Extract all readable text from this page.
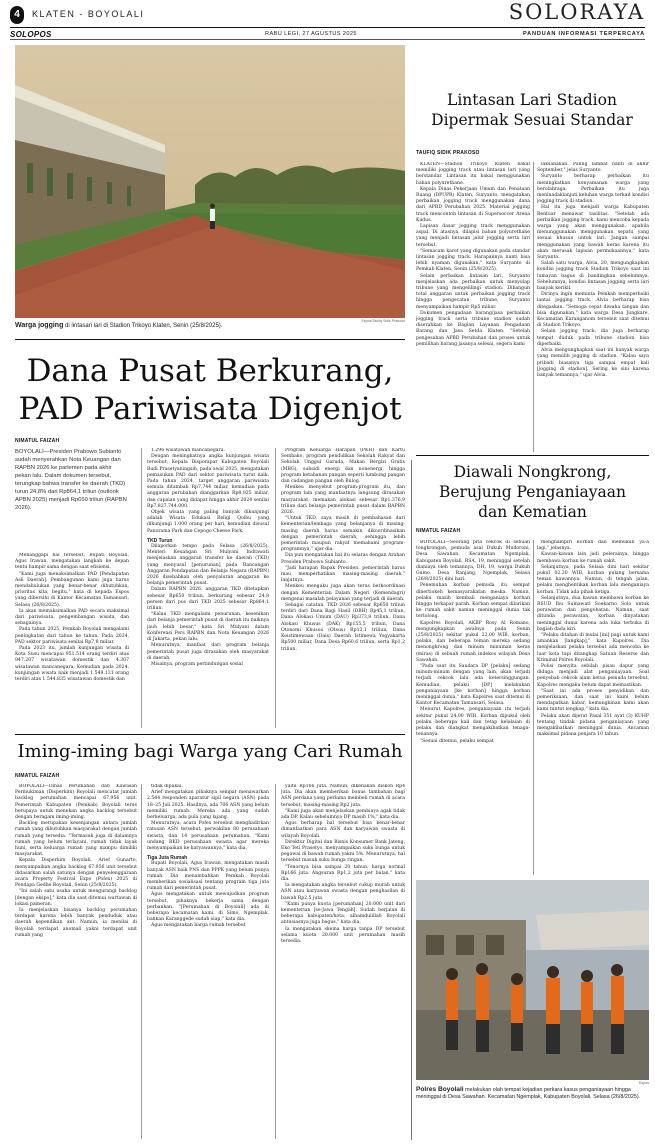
4	KLATEN - BOYOLALI	SOLORAYA
SOLOPOS	RABU LEGI, 27 AGUSTUS 2025	PANDUAN INFORMASI TERPERCAYA
Espos/Taufiq Sidik Prakoso
Warga jogging di lintasan lari di Stadion Trikoyo Klaten, Senin (25/8/2025).
Lintasan Lari Stadion Dipermak Sesuai Standar
TAUFIQ SIDIK PRAKOSO

KLATEN—Stadion Trikoyo Klaten bakal memiliki jogging track atau lintasan lari yang berstandar. Lintasan itu bakal menggunakan bahan polyurethane.

Kepala Dinas Pekerjaan Umum dan Penataan Ruang (DPUPR) Klaten, Suryanto, mengatakan perbaikan jogging track menggunakan dana dari APBD Perubahan 2025. Material jogging track mencontoh lintasan di Supersoccer Arena Kudus.

Lapisan dasar jogging track menggunakan aspal. Di atasnya, dilapisi bahan polyurethane yang menjadi lintasan jalur jogging serta lari tersebut.

"Semacam karet yang digunakan pada standar lintasan jogging track. Harapannya nanti bisa lebih nyaman digunakan," kata Suryanto di Pemkab Klaten, Senin (25/8/2025).

Selain perbaikan lintasan lari, Suryanto menjelaskan ada perbaikan untuk menyulap tribune yang mengelilingi stadion. Dibangun total anggaran untuk perbaikan jogging track hingga pengecatan tribune, Suryanto menyampaikan hampir Rp5 miliar.

Dokumen pengadaan barang/jasa perbaikan jogging track serta tribune stadion sudah diserahkan ke Bagian Layanan Pengadaan Barang dan Jasa Setda Klaten. "Setelah pengesahan APBD Perubahan dan proses untuk pemilihan barang jasanya selesai, segera kami

laksanakan. Paling lambat nanti di akhir September," jelas Suryanto.

Suryanto berharap perbaikan itu meningkatkan kenyamanan warga yang berolahraga. Perbaikan itu juga meninadaklanjuti keluhan warga terkait kondisi jogging track di stadion.

Hal itu juga menjadi warga Kabupaten Bentuar menawar tasilitas. "Setelah ada perbaikan jogging track, kami mencoba kepada warga yang akan menggunakan, apabila menunggunakan menggunakan sepatu yang sesuai khusus untuk lari. Jangan sampai menggunakan yang bawah keras karena itu akan merusak lapisan permukaannya," kata Suryanto.

Salah satu warga, Alvia, 20, mengungkapkan kondisi jogging track Stadion Trikoyo saat ini lumayan bagus di bandingkan sebelumnya. Sebelumnya, kondisi lintasan jogging serta lari banyak kerikil.

Dirinya ingin meminta Pemkab memperbaiki lantai jogging track. Alvia berharap bisa ditegaskan. "Semoga cepat diwaha tangan dan bisa digunakan," kata warga Desa Jungkare, Kecamatan Karanganom tersebut saat ditemui di Stadion Trikoyo.

Selain jogging track, dia juga berharap tempat duduk pada tribune stadion bisa diperbaiki.

Alvia mengungkapkan saat ini banyak warga yang memilih jogging di stadion. "Kalau saya pribadi biasanya tiga sampai empat kali [jogging di stadion]. Sering ke sini karena banyak temannya," ujar Alvia.

Dana Pusat Berkurang,
PAD Pariwisata Digenjot
NIMATUL FAIZAH
BOYOLALI—Presiden Prabowo Subianto sudah menyerahkan Nota Keuangan dan RAPBN 2026 ke parlemen pada akhir pekan lalu. Dalam dokumen tersebut, terungkap bahwa transfer ke daerah (TKD) turun 24,8% dari Rp864,1 triliun (outlook APBN 2025) menjadi Rp650 triliun (RAPBN 2026).

Menanggapi hal tersebut, Bupati Boyolali, Agus Irawan, mengatakan langkah ke depan tentu hampir sama dengan saat efisiensi.

"Kami juga menaksimalkan PAD [Pendapatan Asli Daerah]. Pembangunan kami juga harus mendahulukan yang benar-benar dibutuhkan, prioritas kita, begitu," kata di kepada Espos yang dibersihi di Kantor Kecamatan Tamansari, Selasa (26/8/2025).

Ia akan memaksimalkan PAD secara maksimal dari pariwisata, pengembangan wisata, dan sebagainya.

Pada tahun 2025, Pemkab Boyolali mengalami peningkatan dari tahun ke tahun. Pada 2024, PAD sektor pariwisata senilai Rp7,8 miliar.

Pada 2023 itu, jumlah kunjungan wisata di Kota Susu mencapai 951.514 orang terdiri atas 947.207 wisatawan domestik dan 4.307 wisatawan mancanegara. Kemudian pada 2024, kunjungan wisata naik menjadi 1.549.131 orang terdiri atas 1.544.835 wisatawan domestik dan

1.296 wisatawan mancanegara.

Dengan meningkatnya angka kunjungan wisata tersebut, Kepala Disporapar Kabupaten Boyolali Budi Prasetyaningsih, pada awal 2025, mengatakan pemasukan PAD dari sektor pariwisata turut naik. Pada tahun 2024, target anggaran pariwisata semula ditambah Rp7,744 miliar, kemudian pada anggaran perubahan dianggarkan Rp8,925 miliar, dan capaian yang didapat hingga akhir 2024 senilai Rp7.827.744.000.

Objek wisata yang paling banyak dikunjungi adalah Wisata Edukasi Religi Qolbu yang dikunjungi 1.000 orang per hari, kemudian disusul Panorama Park dan Cepogo Cheese Park.

TKD Turun

Dilaporkan tempo pada Selasa (26/8/2025), Menteri Keuangan Sri Mulyani Indrawati menjelaskan anggaran transfer ke daerah (TKD) yang menyusul [penurunan] pada Rancangan Anggaran Pendapatan dan Belanja Negara (RAPBN) 2026 disebabkan oleh penyaluran anggaran ke belanja pemerintah pusat.

Dalam RAPBN 2026, anggaran TKD ditetapkan sebesar Rp650 triliun, berkurang sebesar 24,8 persen dari pos dari TKD 2025 sebesar Rp864,1 triliun.

"Kalau TKD mengalami penurunan, kesenikan dari belanja pemerintah pusat di daerah itu naiknya jauh lebih besar," kata Sri Mulyani dalam Konferensi Pers RAPBN dan Nota Keuangan 2026 di Jakarta, pekan lalu.

Menurutnya, manfaat dari program belanja pemerintah pusat juga dirasakan oleh masyarakat di daerah.

Misalnya, program pertindungan sosial

Program Keluarga Harapan (PKH) dan Kartu Sembako, program pendidikan Sekolah Rakyat dan Sekolah Unggul Garuda, Makan Bergizi Gratis (MBG), subsidi energi dan nonenergi, hingga program ketahanan pangan seperti lumbung pangan dan cadangan pangan oleh Bulog.

Menkeu menyebut program-program itu, dan program lain yang manfaatnya langsung dirasakan masyarakat, memakan alokasi sebesar Rp1.376,9 triliun dari belanja pemerintah pusat dalam RAPBN 2026.

"Untuk TKD, saya masih di pembahasan dari kementerian/lembaga yang belanjanya di masing-masing daerah harus semakin dikoordinasikan dengan pemerintah daerah, sehingga lebih pemerintah maupun rakyat memahami program-programnya," ujar dia.

Dia pun mengatakan hal itu selaras dengan Arahan Presiden Prabowo Subianto.

"Jadi harapan Bapak Presiden, pemerintah harus mau memperhatikan masing-masing daerah," lanjutnya.

Menkeu mengaku juga akan terus berkoordinasi dengan Kementerian Dalam Negeri (Kemendagri) mengenai masalah pelayanan yang terjadi di daerah.

Sebagai catatan, TKD 2026 sebesar Rp650 triliun terdiri dari Dana Bagi Hasil (DBH) Rp45,1 triliun, Dana Alokasi Umum (DAU) Rp373,8 triliun, Dana Alokasi Khusus (DAK) Rp155,5 triliun, Dana Otonomi Khusus (Otsus) Rp13,1 triliun, Dana Keistimewaan (Dais) Daerah Istimewa Yogyakarta Rp500 miliar, Dana Desa Rp60,6 triliun, serta Rp1,2 triliun.

Iming-iming bagi Warga yang Cari Rumah
NIMATUL FAIZAH

BOYOLALI—Dinas Perumahan dan Kawasan Permukiman (Disperkim) Boyolali mencatat jumlah backlog perumahan mencapai 67.956 unit. Pemerintah Kabupaten (Pemkab) Boyolali terus berupaya untuk menekan angka backlog tersebut dengan beragam iming-iming.

Backlog merupakan kesenjangan antara jumlah rumah yang dibutuhkan masyarakat dengan jumlah rumah yang tersedia. "Termasuk juga di dalamnya rumah yang belum terlayani, rumah tidak layak huni, serta keluarga rumah yang mampu dimiliki masyarakat.

Kepala Disperkim Boyolali, Arief Gunarto, menyampaikan angka backlog 67.956 unit tersebut didasarkan salah satunya dengan penyelenggaraan acara Property Festival Expo (Pofex) 2025 di Pendapa Gedhe Boyolali, Senin (25/8/2025).

"Ini salah satu usaha untuk mengurangi backlog [dengan ekspo]," kata dia saat ditemui wartawan di lokasi pameran.

Ia menjelaskan bisanya backlog perumahan terdapat karena lebih banyak penduduk atau daerah kependikan ant. Namun, ia menilai di Boyolali terdapat anomali yakni terdapat unit rumah yang

tidak dipakai.

Arief mengatakan pihaknya sempat menawarkan 2.544 responden aparatur sipil negara (ASN) pada 18–25 Juli 2025. Hasilnya, ada 706 ASN yang belum memiliki rumah. Mereka ada yang sudah berkeluarga, ada pula yang lajang.

Menurutnya, acara Pofex tersebut menghadirkan ratusan ASN tersebut, perwakilan 80 perusahaan swasta, dan 14 perusahaan perumahan. "Kami undang BKD perusahaan swasta agar mereka menyampaikan ke karyawannya," kata dia.

Tiga Juta Rumah

Bupati Boyolali, Agus Irawan, mengatakan masih banyak ASN baik PNS dan PPPK yang belum punya rumah. Dia menambahkan Pemkab Boyolali memberikan sosialisasi tentang program tiga juta rumah dari pemerintah pusat.

Agus mengatakan untuk mewujudkan program tersebut, pihaknya bekerja sama dengan perbankan. "[Perumahan di Boyolali] ada di beberapa kecamatan kami, di Simo, Ngemplak, bahkan Karanggede sudah siap," kata dia.

Agus mengatakan harga rumah tersebut

yaitu Rp166 juta. Namun, dikenakan diskon Rp4 juta. Dia akan memberikan bonus tambahan bagi ASN perdana yang perlama membeli rumah di acara tersebut, masing-masing Rp2 juta.

"Kami juga akan menjelaskan pembiaya agak tidak ada DP. Kalau sebelumnya DP masih 1%," kata dia.

Agus berharap hal tersebut bisa benar-benar dimanfaatkan para ASN dan karyawan swasta di wilayah Boyolali.

Direktur Digital dan Bisnis Konsumer Bank Jateng, Eko Teti Prasetyo, menyampaikan suku bunga untuk pegawai di bawah rumah yakni 5%. Menurutnya, hal tersebut masuk suku bunga ringan.

"Tenornya bisa sampai 20 tahun, harga normal Rp166 juta. Angsuran Rp1,2 juta per bulan," kata dia.

Ia mengatakan angka tersebut cukup murah untuk ASN atau karyawan swasta dengan penghasilan di bawah Rp2,5 juta.

"Kami punya kuota [perumahan] 20.000 unit dari kementerian [se-Jawa Tengah]. Sudah berjalan di beberapa kabupaten/kota, alhamdulillah Boyolali antusiasnya juga bagus," kata dia.

Ia mengatakan skema harga tanpa DP tersebut selama kuota 20.000 unit perumahan masih tersedia.

Diawali Nongkrong,
Berujung Penganiayaan
dan Kematian
NIMATUL FAIZAH

BOYOLALI—Seorang pria cekcok di sebuah tongkrongan, pemuda asal Dukuh Mudoroni, Desa Sawahan, Kecamatan Ngemplak, Kabupaten Boyolali, RSA, 19, meninggal setelah dianiaya oleh temannya, DH, 19, warga Dukuh Gumo, Desa Ranjang, Ngemplak, Selasa (26/8/2025) dini hari.

Penemuhan korban pemuda itu sempat dinertiokeh kemasyarakatan meska. Namun, pelaku masih kembali menganiaya korban hingga terkapar parah. Korban sempat dilarikan ke rumah sakit namun meninggal dunia tak tertolong.

Kapolres Boyolali, AKBP Rosy Al Romano, mengungkapkan awalnya pada Senin (25/8/2025) sekitar pukul 22.00 WIB, korban, pelaku, dan beberapa teman mereka sedang menongkrong dan minum minuman keras (miras) di sebuah rumah indekos wilayah Desa Sawahan.

"Pada saat itu Saudara DP [pelaku] sedang minum-minum dengan yang lain, akan terjadi terjadi cekcok lalu ada ketersinggungan. Kemudian, pelaku [DP] melakukan penganiayaan [ke korban] hingga korban meninggal dunia," kata Kapolres saat ditemui di Kantor Kecamatan Tamansari, Selasa.

Menurut Kapolres, penganiayaan itu terjadi sekitar pukul 24.00 WIB. Korban dipukul oleh pelaku beberapa kali dan tetap kelalaian di pelaku dan diangkat mengakibatkan tenaga-tenannya.

"Sesuai ditemui, pelaku sempat

menghampiri korban dan memukuli ya-a lagi," jelasnya.

Kawan-kawan lain jadi pelerainya, hingga membawa korban ke rumah sakit.

Selanjutnya, pada Selasa dini hari sekitar pukul 02.30 WIB, korban pulang bersama teman kawannya. Namun, di tengah jalan, pelaku menghentikan korban lalu menganiaya korban. Tidak ada pihak ketiga.

Selanjutnya, dua kawan membawa korban ke RSUD Ibu Sumawati Soekarno Solo untuk perawatan dan pengobatan. Namun, saat ditunda perawatan, korban dinyatakan meninggal dunia karena ada luka terbuka di bagian dada kiri.

"Pelaku ditahan di mulai [ini] pagi untuk kami amankan [langkap]," kata Kapolres. Dia menjelaskan pelaku tersebut ada mencoba ke luar kota tapi ditangkap Satuan Reserse dan Kriminal Polres Boyolali.

Polisi menyita sebilah pisau dapur yang diduga menjadi alat penganiayaan. Soal penyebab cekcok alam ketua pemuda tersebut, Kapolres mengaku belum dapat memastikan.

"Saat ini ada proses penyidikan dan pemeriksaan, dan saat ini kami belum mendapatkan kabar, kemungkinan kami akan kami tuntut lengkap," kata dia.

Pelaku akan dijerat Pasal 351 ayat (3) KUHP tentang tindak pidana penganiayaan yang mengakibatkan meninggal dunia. Ancaman maksimal pidana penjara 10 tahun.

Espos
Polres Boyolali melakukan olah tempat kejadian perkara kasus penganiayaan hingga meninggal di Desa Sawahan. Kecamatan Ngemplak, Kabupaten Boyolali, Selasa (26/8/2025).
